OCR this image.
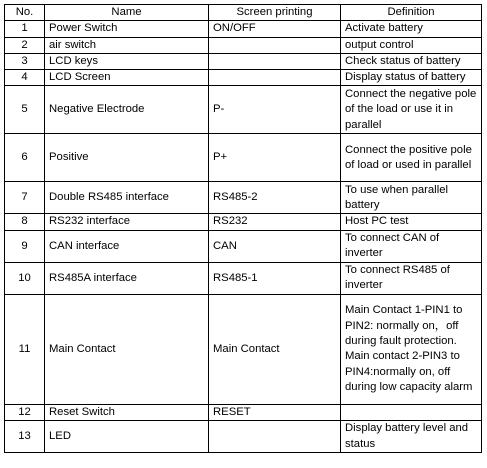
No.	Name	Screen printing	Definition
1	Power Switch	ON/OFF	Activate battery
2	air switch		output control
3	LCD keys		Check status of battery
4	LCD Screen		Display status of battery
5	Negative Electrode	P-	Connect the negative pole of the load or use it in parallel
6	Positive	P+	Connect the positive pole of load or used in parallel
7	Double RS485 interface	RS485-2	To use when parallel battery
8	RS232 interface	RS232	Host PC test
9	CAN interface	CAN	To connect CAN of inverter
10	RS485A interface	RS485-1	To connect RS485 of inverter
11	Main Contact	Main Contact	Main Contact 1-PIN1 to PIN2: normally on，off during fault protection. Main contact 2-PIN3 to PIN4:normally on, off during low capacity alarm
12	Reset Switch	RESET	
13	LED		Display battery level and status
